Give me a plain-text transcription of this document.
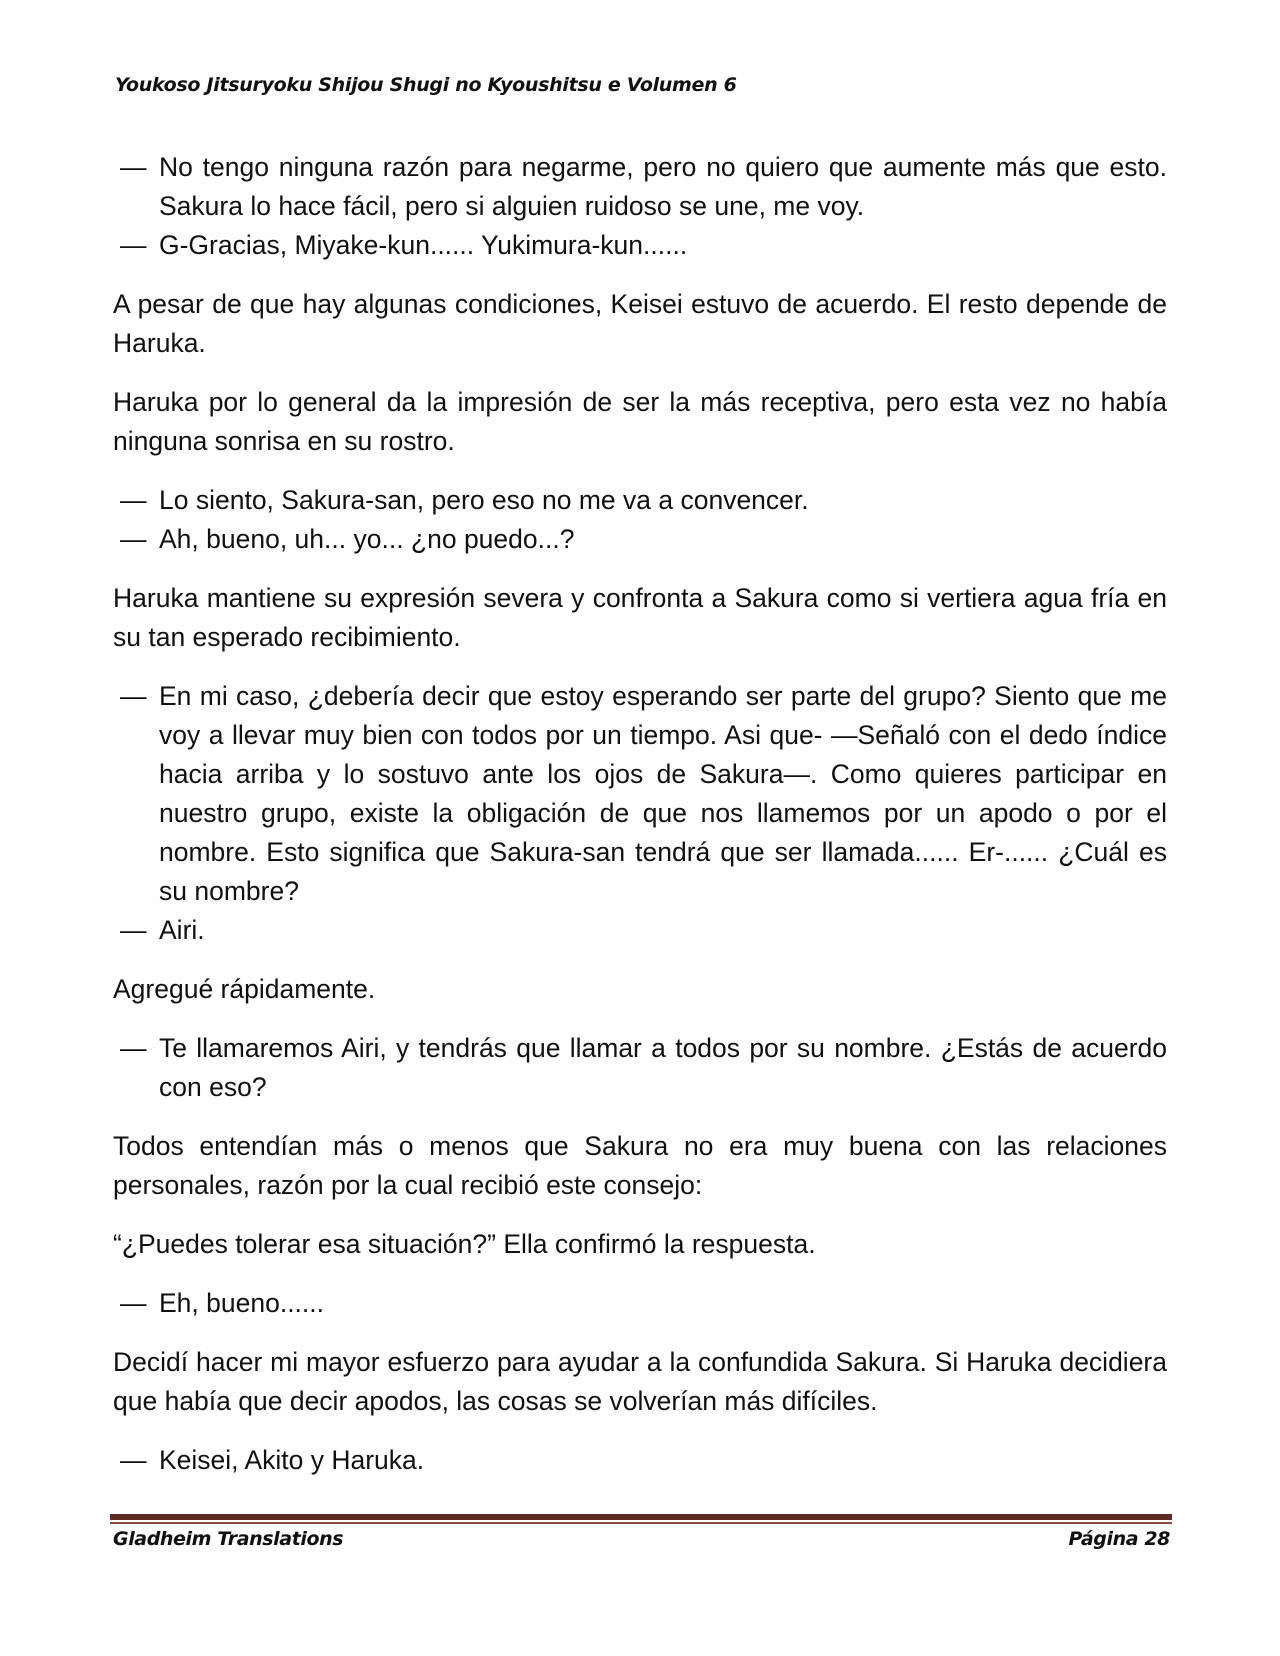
Youkoso Jitsuryoku Shijou Shugi no Kyoushitsu e Volumen 6
— No tengo ninguna razón para negarme, pero no quiero que aumente más que esto. Sakura lo hace fácil, pero si alguien ruidoso se une, me voy.
— G-Gracias, Miyake-kun...... Yukimura-kun......

A pesar de que hay algunas condiciones, Keisei estuvo de acuerdo. El resto depende de Haruka.

Haruka por lo general da la impresión de ser la más receptiva, pero esta vez no había ninguna sonrisa en su rostro.

— Lo siento, Sakura-san, pero eso no me va a convencer.
— Ah, bueno, uh... yo... ¿no puedo...?

Haruka mantiene su expresión severa y confronta a Sakura como si vertiera agua fría en su tan esperado recibimiento.

— En mi caso, ¿debería decir que estoy esperando ser parte del grupo? Siento que me voy a llevar muy bien con todos por un tiempo. Asi que- —Señaló con el dedo índice hacia arriba y lo sostuvo ante los ojos de Sakura—. Como quieres participar en nuestro grupo, existe la obligación de que nos llamemos por un apodo o por el nombre. Esto significa que Sakura-san tendrá que ser llamada...... Er-...... ¿Cuál es su nombre?
— Airi.

Agregué rápidamente.

— Te llamaremos Airi, y tendrás que llamar a todos por su nombre. ¿Estás de acuerdo con eso?

Todos entendían más o menos que Sakura no era muy buena con las relaciones personales, razón por la cual recibió este consejo:

“¿Puedes tolerar esa situación?” Ella confirmó la respuesta.

— Eh, bueno......

Decidí hacer mi mayor esfuerzo para ayudar a la confundida Sakura. Si Haruka decidiera que había que decir apodos, las cosas se volverían más difíciles.

— Keisei, Akito y Haruka.
Gladheim Translations	Página 28
